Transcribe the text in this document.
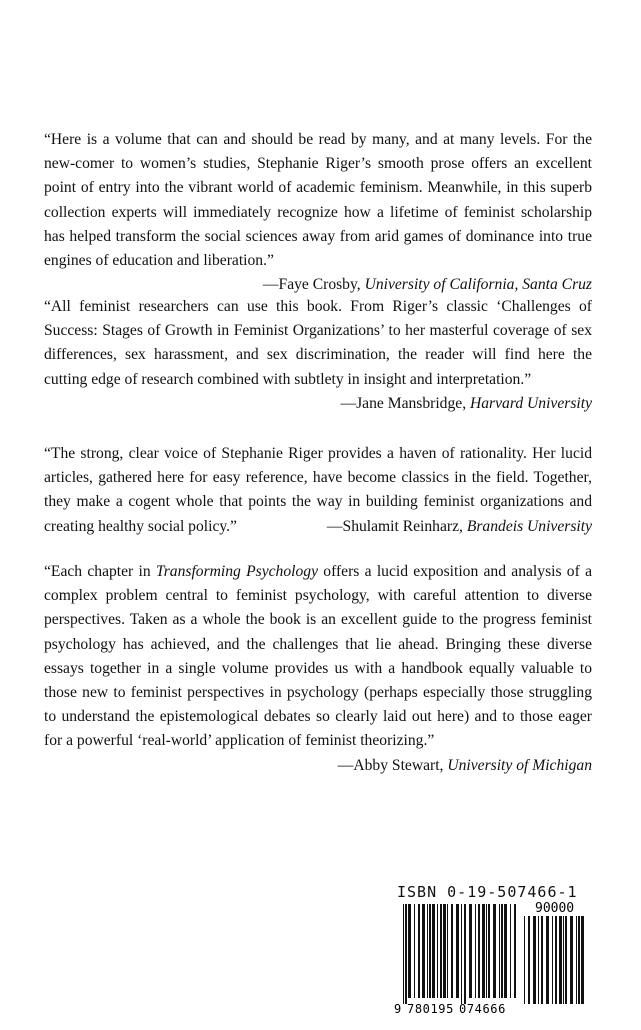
“Here is a volume that can and should be read by many, and at many levels. For the new-comer to women’s studies, Stephanie Riger’s smooth prose offers an excellent point of entry into the vibrant world of academic feminism. Meanwhile, in this superb collection experts will immediately recognize how a lifetime of feminist scholarship has helped transform the social sciences away from arid games of dominance into true engines of education and liberation.”
—Faye Crosby, University of California, Santa Cruz
“All feminist researchers can use this book. From Riger’s classic ‘Challenges of Success: Stages of Growth in Feminist Organizations’ to her masterful coverage of sex differences, sex harassment, and sex discrimination, the reader will find here the cutting edge of research combined with subtlety in insight and interpretation.”
—Jane Mansbridge, Harvard University
“The strong, clear voice of Stephanie Riger provides a haven of rationality. Her lucid articles, gathered here for easy reference, have become classics in the field. Together, they make a cogent whole that points the way in building feminist organizations and creating healthy social policy.”	—Shulamit Reinharz, Brandeis University
“Each chapter in Transforming Psychology offers a lucid exposition and analysis of a complex problem central to feminist psychology, with careful attention to diverse perspectives. Taken as a whole the book is an excellent guide to the progress feminist psychology has achieved, and the challenges that lie ahead. Bringing these diverse essays together in a single volume provides us with a handbook equally valuable to those new to feminist perspectives in psychology (perhaps especially those struggling to understand the epistemological debates so clearly laid out here) and to those eager for a powerful ‘real-world’ application of feminist theorizing.”
—Abby Stewart, University of Michigan
ISBN 0-19-507466-1
90000
9 780195 074666
